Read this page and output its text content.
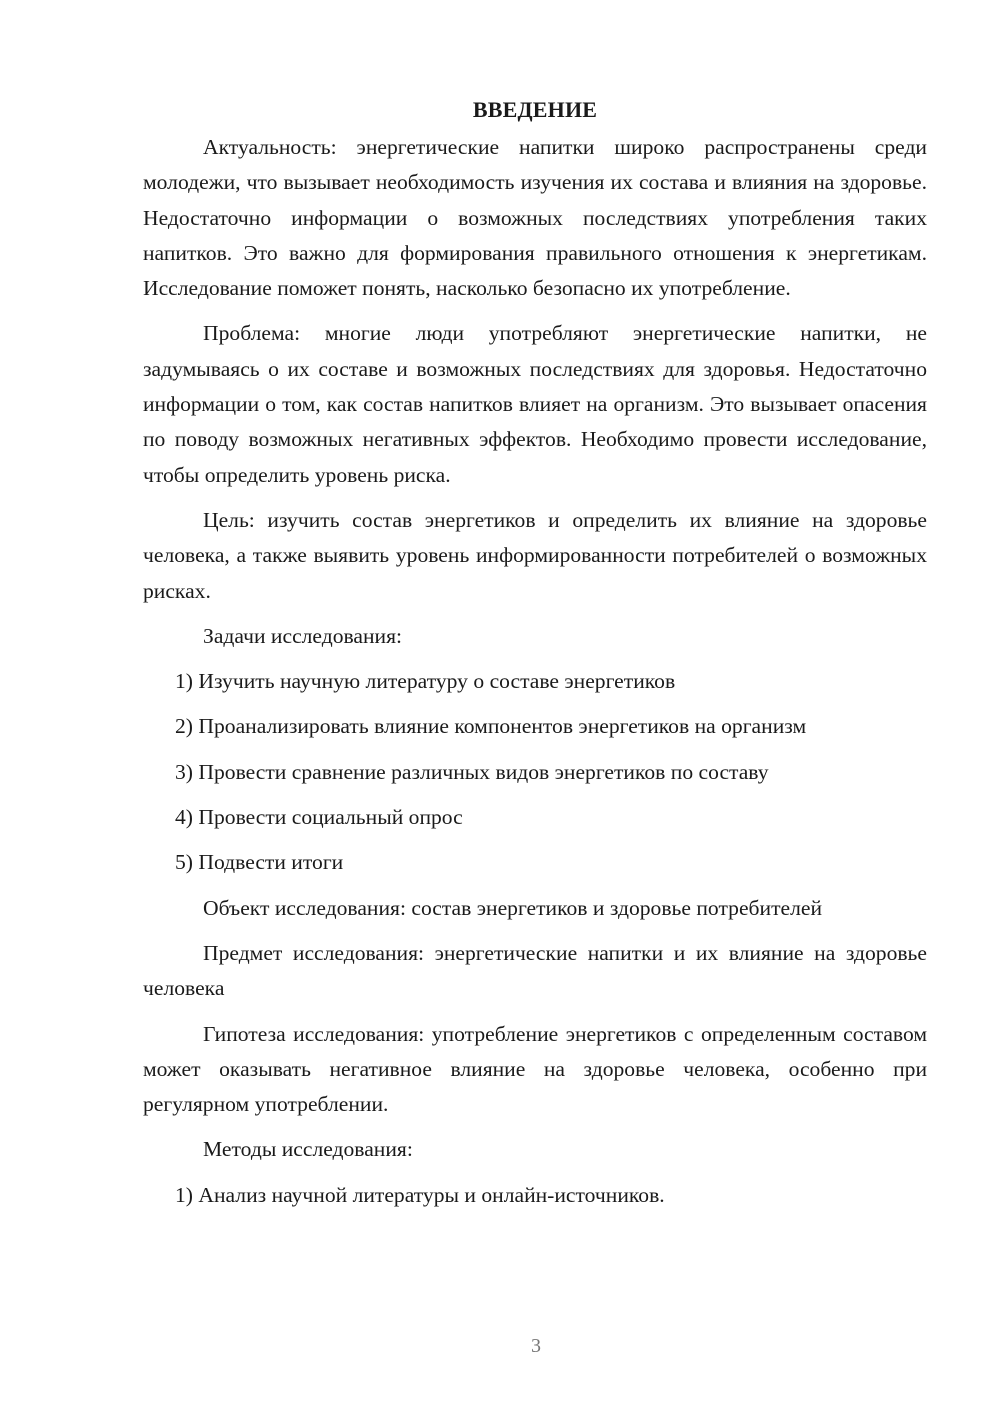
ВВЕДЕНИЕ

Актуальность: энергетические напитки широко распространены среди молодежи, что вызывает необходимость изучения их состава и влияния на здоровье. Недостаточно информации о возможных последствиях употребления таких напитков. Это важно для формирования правильного отношения к энергетикам. Исследование поможет понять, насколько безопасно их употребление.

Проблема: многие люди употребляют энергетические напитки, не задумываясь о их составе и возможных последствиях для здоровья. Недостаточно информации о том, как состав напитков влияет на организм. Это вызывает опасения по поводу возможных негативных эффектов. Необходимо провести исследование, чтобы определить уровень риска.

Цель: изучить состав энергетиков и определить их влияние на здоровье человека, а также выявить уровень информированности потребителей о возможных рисках.

Задачи исследования:
1) Изучить научную литературу о составе энергетиков
2) Проанализировать влияние компонентов энергетиков на организм
3) Провести сравнение различных видов энергетиков по составу
4) Провести социальный опрос
5) Подвести итоги
Объект исследования: состав энергетиков и здоровье потребителей

Предмет исследования: энергетические напитки и их влияние на здоровье человека

Гипотеза исследования: употребление энергетиков с определенным составом может оказывать негативное влияние на здоровье человека, особенно при регулярном употреблении.

Методы исследования:
1) Анализ научной литературы и онлайн-источников.
3
